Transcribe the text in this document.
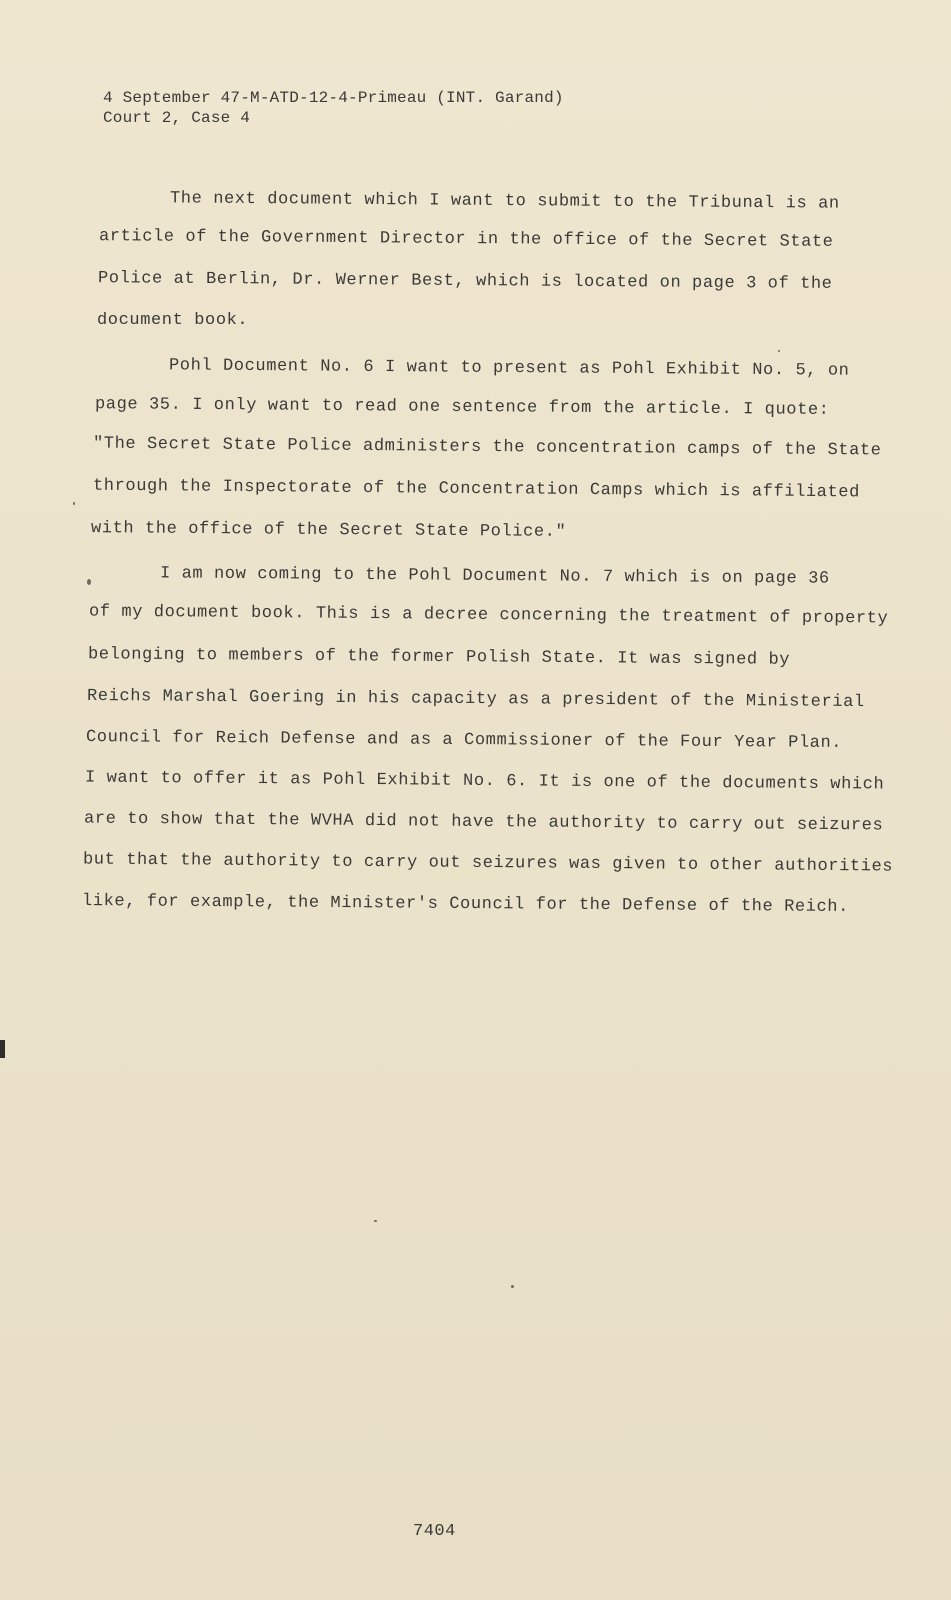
4 September 47-M-ATD-12-4-Primeau (INT. Garand)
Court 2, Case 4
The next document which I want to submit to the Tribunal is an
article of the Government Director in the office of the Secret State
Police at Berlin, Dr. Werner Best, which is located on page 3 of the
document book.
Pohl Document No. 6 I want to present as Pohl Exhibit No. 5, on
page 35. I only want to read one sentence from the article. I quote:
"The Secret State Police administers the concentration camps of the State
through the Inspectorate of the Concentration Camps which is affiliated
with the office of the Secret State Police."
I am now coming to the Pohl Document No. 7 which is on page 36
of my document book. This is a decree concerning the treatment of property
belonging to members of the former Polish State. It was signed by
Reichs Marshal Goering in his capacity as a president of the Ministerial
Council for Reich Defense and as a Commissioner of the Four Year Plan.
I want to offer it as Pohl Exhibit No. 6. It is one of the documents which
are to show that the WVHA did not have the authority to carry out seizures
but that the authority to carry out seizures was given to other authorities
like, for example, the Minister's Council for the Defense of the Reich.
7404
